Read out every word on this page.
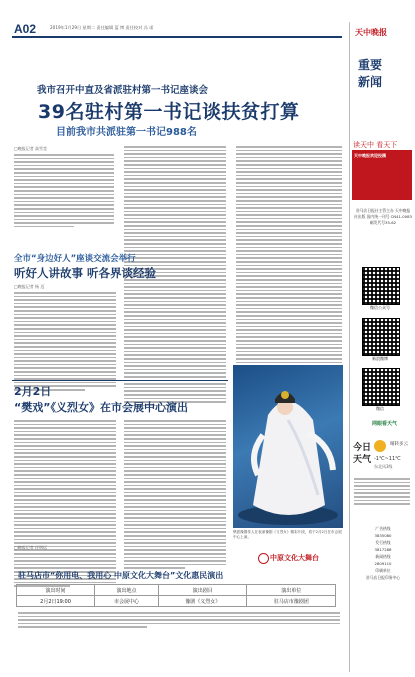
A02	2019年1月29日 星期二 责任编辑 蓝 博 责任校对 冯 诺
天中晚报
重要
新闻
我市召开中直及省派驻村第一书记座谈会
39名驻村第一书记谈扶贫打算
目前我市共派驻第一书记988名
□晚报记者 高雪莹
全市“身边好人”座谈交流会举行
听好人讲故事 听各界谈经验
□晚报记者 杨 迈
2月2日
“樊戏”《义烈女》在市会展中心演出
樊派豫剧传人在表演豫剧《义烈女》精彩片段，将于2月2日在市会展中心上演。
中原文化大舞台
□晚报记者 任明远
驻马店市“你用电、我用心 中原文化大舞台”文化惠民演出
演出时间	演出地点	演出剧目	演出单位
2月2日19:00	市会展中心	豫剧《义烈女》	驻马店市豫剧团
读天中 看天下
天中晚报欢迎投稿
驻马店日报社主管主办 天中晚报社出版 国内统一刊号 CN41-0083 邮发代号35-62
微信公众号
新浪微博
微信
网眼看天气
今日
天气
晴转多云
-1℃~11℃
东北风3级
广告热线
3835080
发行热线
3817288
新闻热线
2809110
印刷单位
驻马店日报印务中心
